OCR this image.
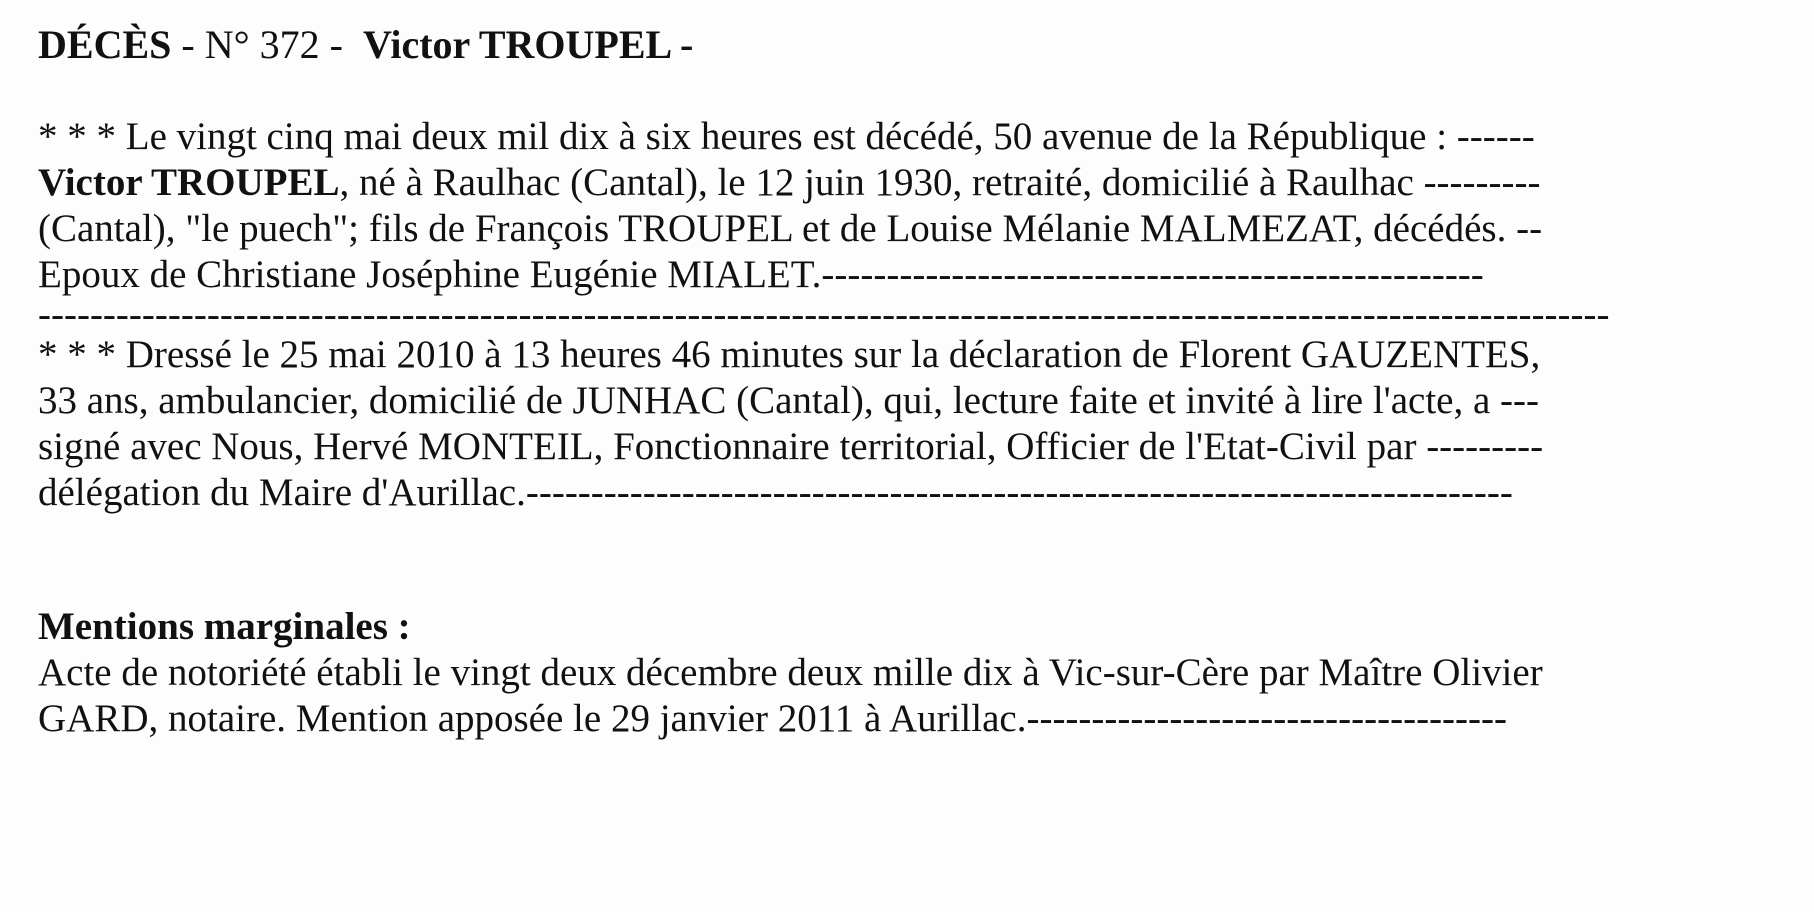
DÉCÈS - N° 372 -  Victor TROUPEL -
* * * Le vingt cinq mai deux mil dix à six heures est décédé, 50 avenue de la République : ------
Victor TROUPEL, né à Raulhac (Cantal), le 12 juin 1930, retraité, domicilié à Raulhac ---------
(Cantal), "le puech"; fils de François TROUPEL et de Louise Mélanie MALMEZAT, décédés. --
Epoux de Christiane Joséphine Eugénie MIALET.---------------------------------------------------
-------------------------------------------------------------------------------------------------------------------------
* * * Dressé le 25 mai 2010 à 13 heures 46 minutes sur la déclaration de Florent GAUZENTES,
33 ans, ambulancier, domicilié de JUNHAC (Cantal), qui, lecture faite et invité à lire l'acte, a ---
signé avec Nous, Hervé MONTEIL, Fonctionnaire territorial, Officier de l'Etat-Civil par ---------
délégation du Maire d'Aurillac.----------------------------------------------------------------------------
Mentions marginales :
Acte de notoriété établi le vingt deux décembre deux mille dix à Vic-sur-Cère par Maître Olivier
GARD, notaire. Mention apposée le 29 janvier 2011 à Aurillac.-------------------------------------
